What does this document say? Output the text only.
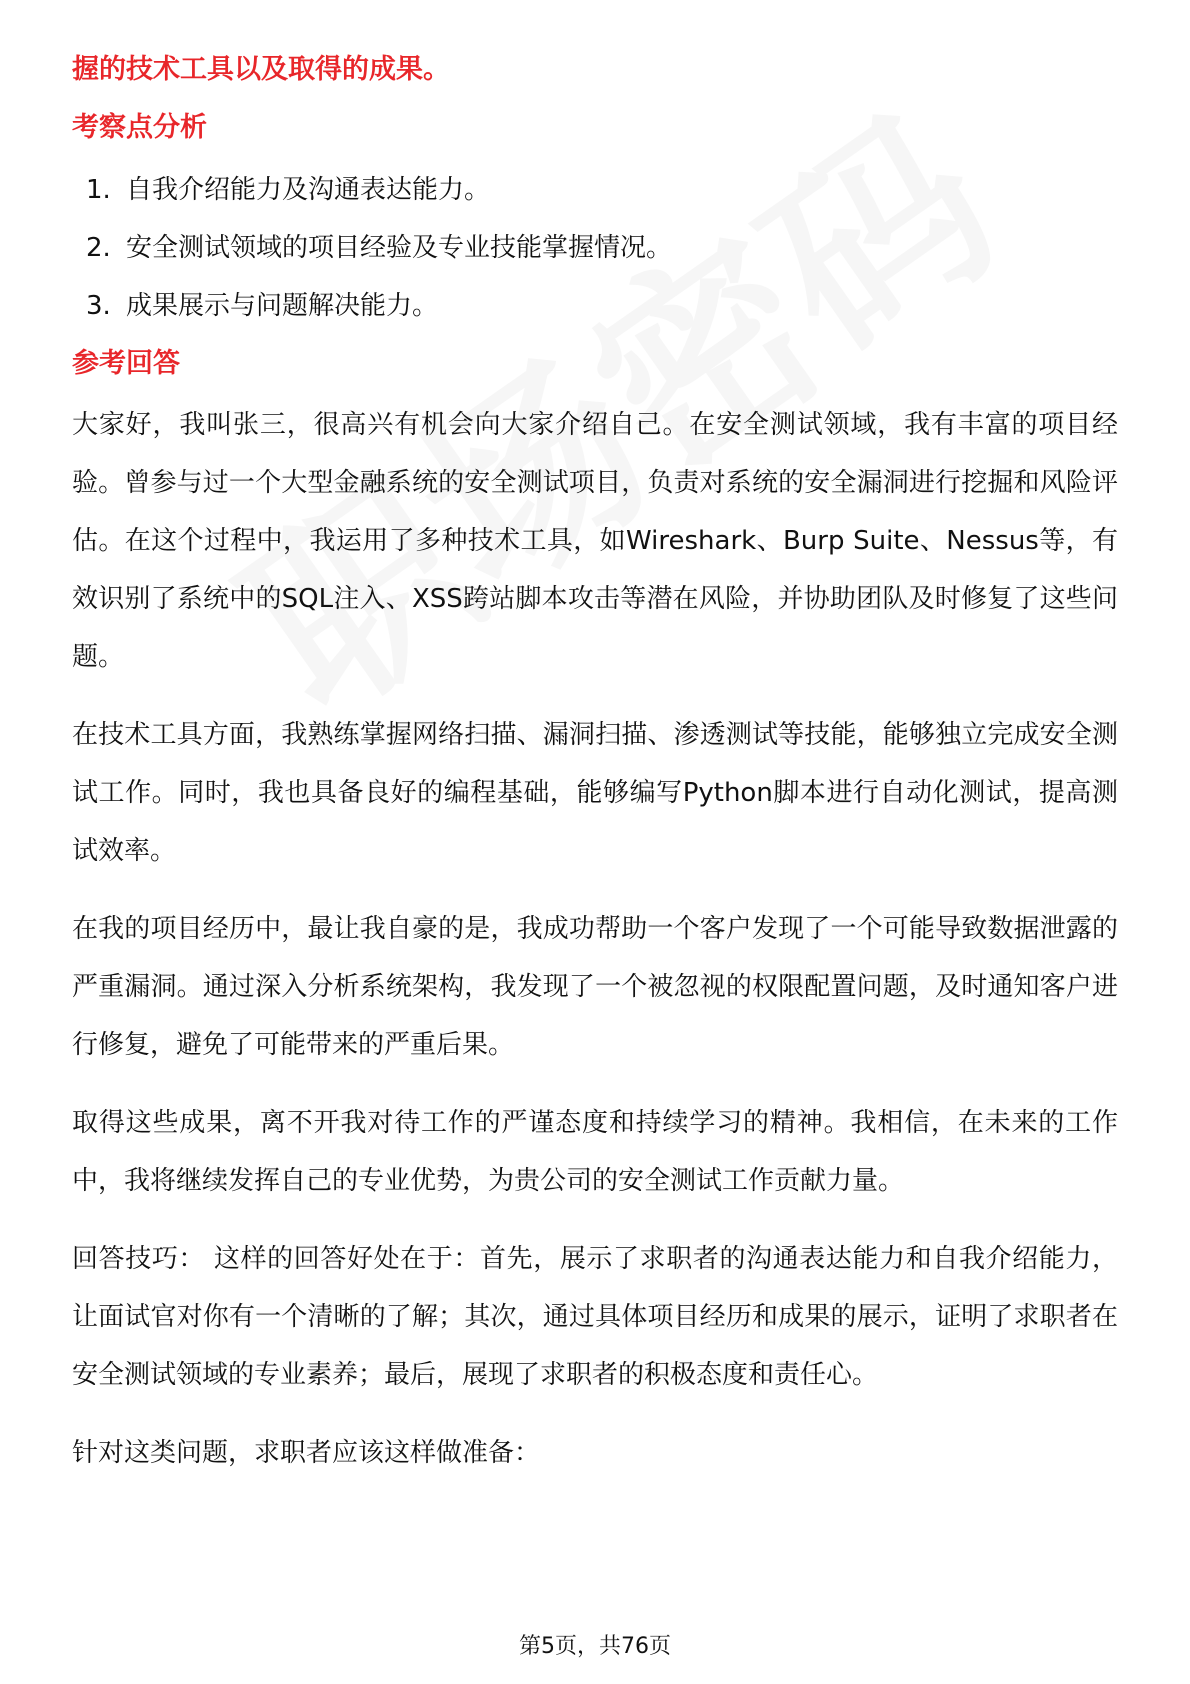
握的技术工具以及取得的成果。
考察点分析
1. 自我介绍能力及沟通表达能力。
2. 安全测试领域的项目经验及专业技能掌握情况。
3. 成果展示与问题解决能力。
参考回答

大家好，我叫张三，很高兴有机会向大家介绍自己。在安全测试领域，我有丰富的项目经验。曾参与过一个大型金融系统的安全测试项目，负责对系统的安全漏洞进行挖掘和风险评估。在这个过程中，我运用了多种技术工具，如Wireshark、Burp Suite、Nessus等，有效识别了系统中的SQL注入、XSS跨站脚本攻击等潜在风险，并协助团队及时修复了这些问题。

在技术工具方面，我熟练掌握网络扫描、漏洞扫描、渗透测试等技能，能够独立完成安全测试工作。同时，我也具备良好的编程基础，能够编写Python脚本进行自动化测试，提高测试效率。

在我的项目经历中，最让我自豪的是，我成功帮助一个客户发现了一个可能导致数据泄露的严重漏洞。通过深入分析系统架构，我发现了一个被忽视的权限配置问题，及时通知客户进行修复，避免了可能带来的严重后果。

取得这些成果，离不开我对待工作的严谨态度和持续学习的精神。我相信，在未来的工作中，我将继续发挥自己的专业优势，为贵公司的安全测试工作贡献力量。

回答技巧： 这样的回答好处在于：首先，展示了求职者的沟通表达能力和自我介绍能力，让面试官对你有一个清晰的了解；其次，通过具体项目经历和成果的展示，证明了求职者在安全测试领域的专业素养；最后，展现了求职者的积极态度和责任心。

针对这类问题，求职者应该这样做准备：

第5页，共76页
